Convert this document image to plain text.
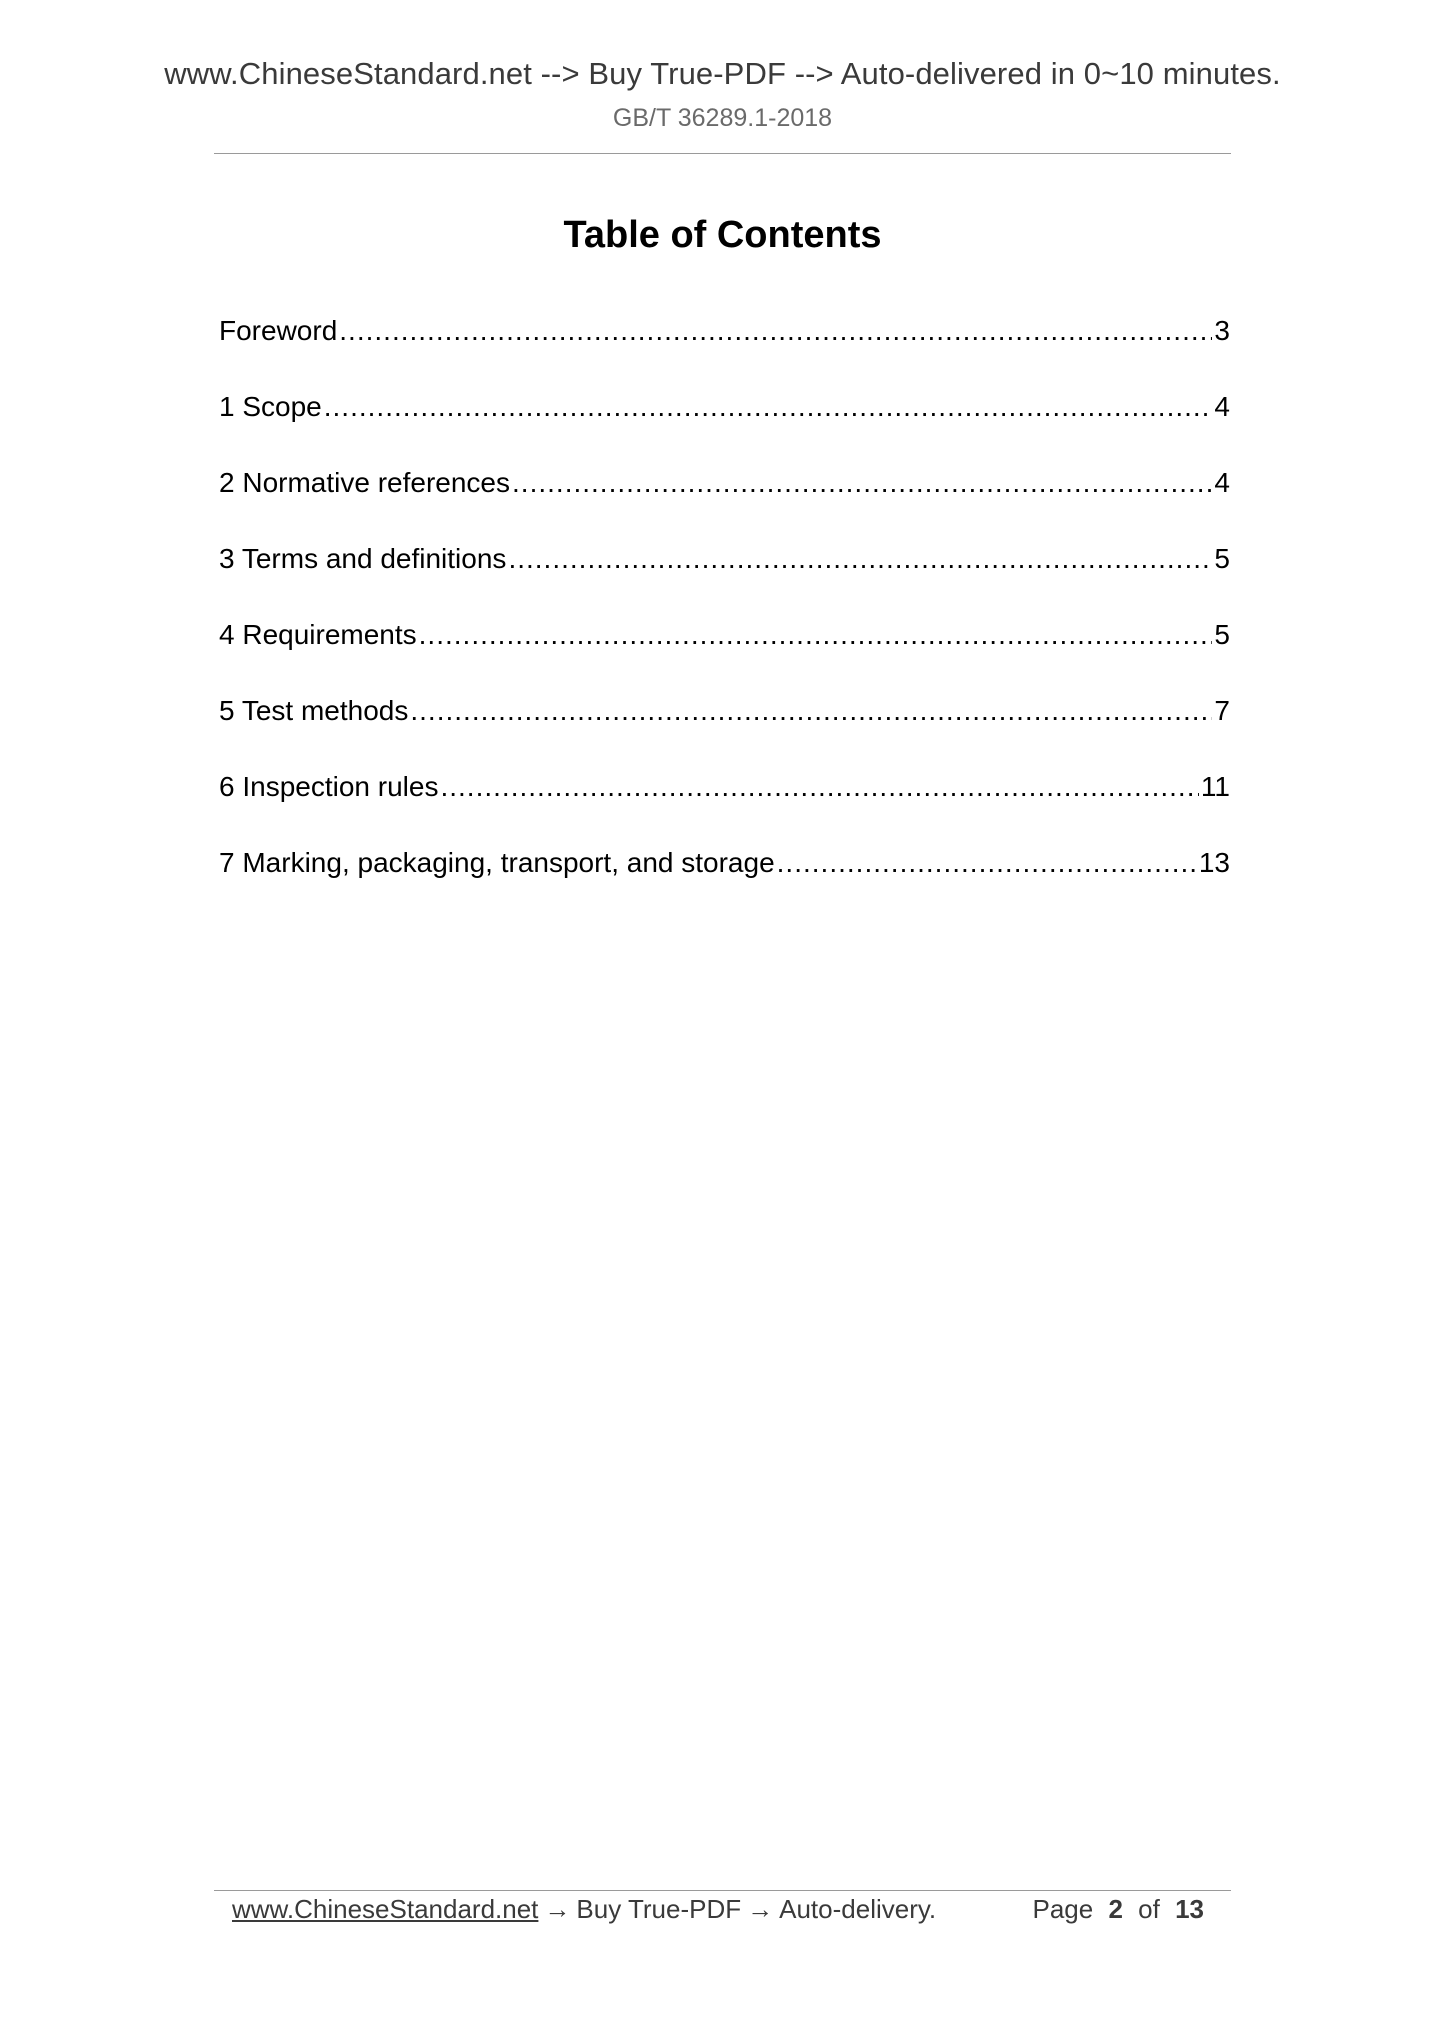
www.ChineseStandard.net --> Buy True-PDF --> Auto-delivered in 0~10 minutes.
GB/T 36289.1-2018
Table of Contents
Foreword .....	3
1 Scope .....	4
2 Normative references .....	4
3 Terms and definitions .....	5
4 Requirements .....	5
5 Test methods .....	7
6 Inspection rules .....	11
7 Marking, packaging, transport, and storage .....	13
www.ChineseStandard.net → Buy True-PDF → Auto-delivery.	Page 2 of 13
